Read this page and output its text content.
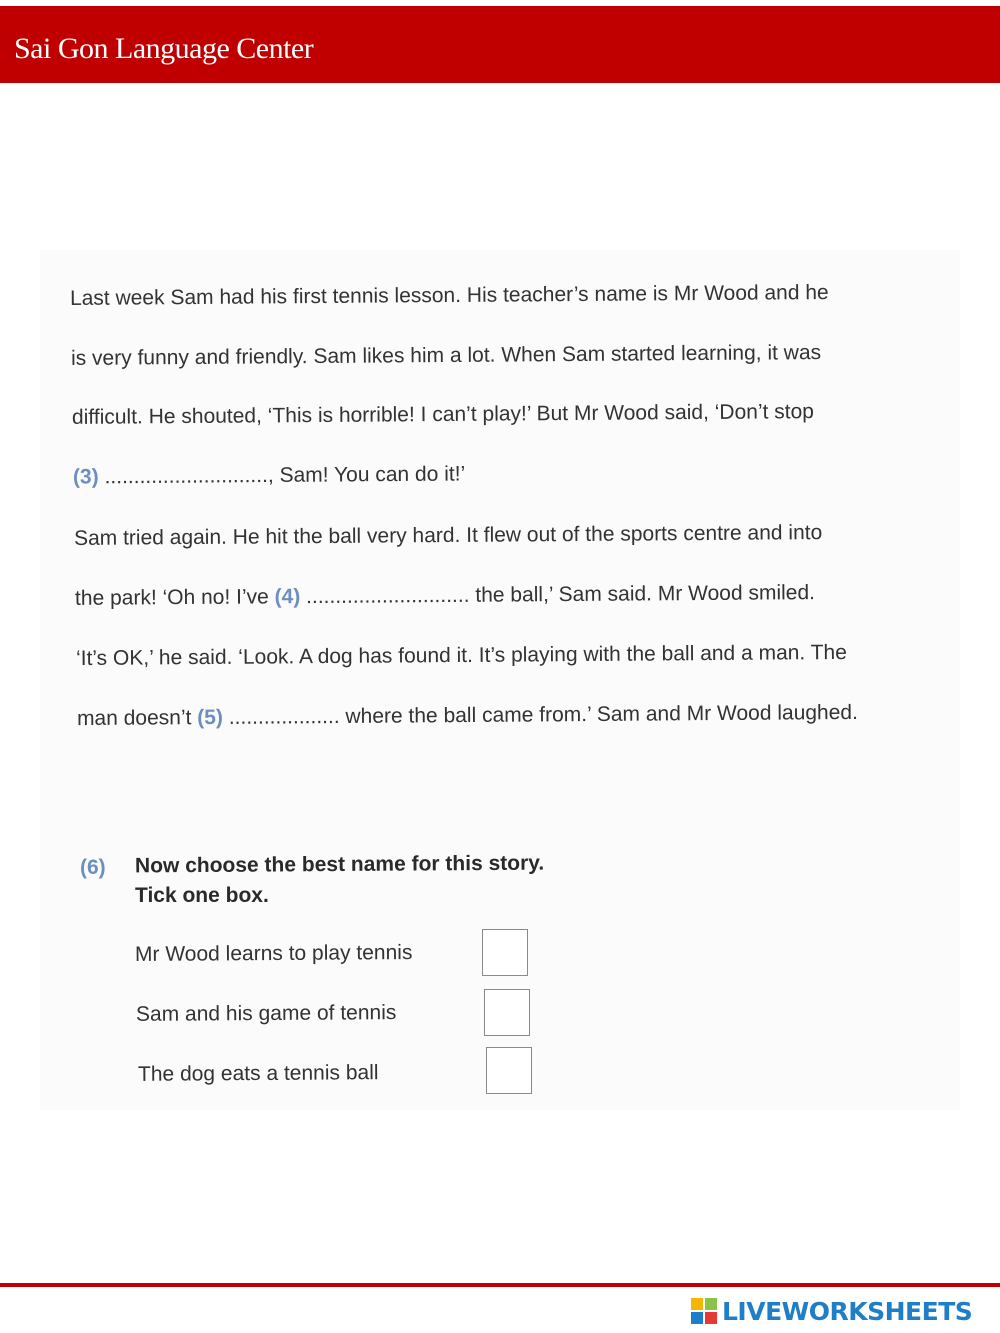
Sai Gon Language Center
Last week Sam had his first tennis lesson. His teacher’s name is Mr Wood and he
is very funny and friendly. Sam likes him a lot. When Sam started learning, it was
difficult. He shouted, ‘This is horrible! I can’t play!’ But Mr Wood said, ‘Don’t stop
(3) ............................, Sam! You can do it!’
Sam tried again. He hit the ball very hard. It flew out of the sports centre and into
the park! ‘Oh no! I’ve (4) ............................ the ball,’ Sam said. Mr Wood smiled.
‘It’s OK,’ he said. ‘Look. A dog has found it. It’s playing with the ball and a man. The
man doesn’t (5) ................... where the ball came from.’ Sam and Mr Wood laughed.
(6) Now choose the best name for this story.
Tick one box.
Mr Wood learns to play tennis
Sam and his game of tennis
The dog eats a tennis ball
LIVEWORKSHEETS
